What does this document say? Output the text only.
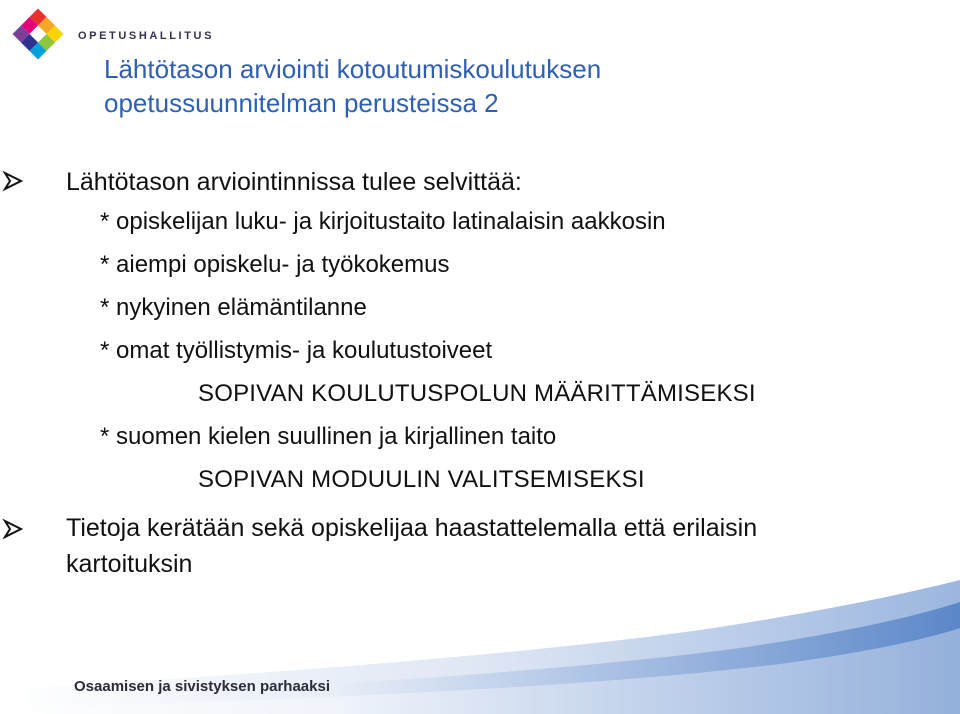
OPETUSHALLITUS
Lähtötason arviointi kotoutumiskoulutuksen
opetussuunnitelman perusteissa 2
Lähtötason arviointinnissa tulee selvittää:
* opiskelijan luku- ja kirjoitustaito latinalaisin aakkosin
* aiempi opiskelu- ja työkokemus
* nykyinen elämäntilanne
* omat työllistymis- ja koulutustoiveet
SOPIVAN KOULUTUSPOLUN MÄÄRITTÄMISEKSI
* suomen kielen suullinen ja kirjallinen taito
SOPIVAN MODUULIN VALITSEMISEKSI
Tietoja kerätään sekä opiskelijaa haastattelemalla että erilaisin
kartoituksin
Osaamisen ja sivistyksen parhaaksi
